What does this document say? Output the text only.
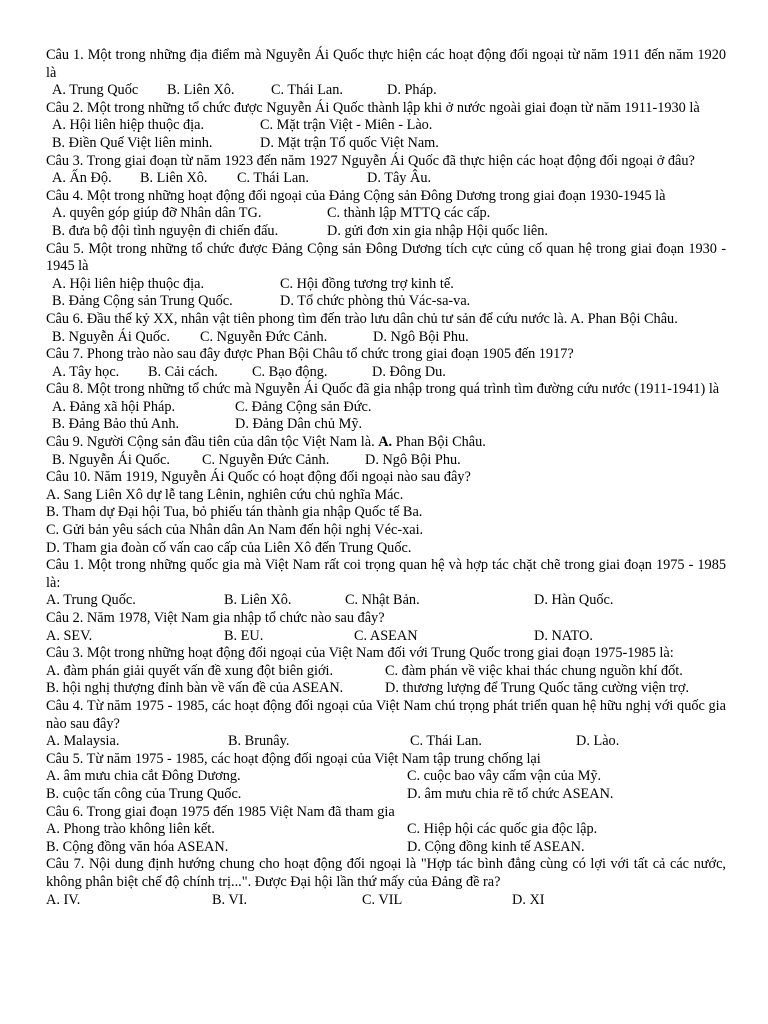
Câu 1. Một trong những địa điểm mà Nguyễn Ái Quốc thực hiện các hoạt động đối ngoại từ năm 1911 đến năm 1920 là

A. Trung Quốc B. Liên Xô.	C. Thái Lan.	D. Pháp.

Câu 2. Một trong những tổ chức được Nguyễn Ái Quốc thành lập khi ở nước ngoài giai đoạn từ năm 1911-1930 là

A. Hội liên hiệp thuộc địa.	C. Mặt trận Việt - Miên - Lào.
B. Điền Quế Việt liên minh.	D. Mặt trận Tổ quốc Việt Nam.

Câu 3. Trong giai đoạn từ năm 1923 đến năm 1927 Nguyễn Ái Quốc đã thực hiện các hoạt động đối ngoại ở đâu?

A. Ấn Độ. B. Liên Xô. C. Thái Lan.	D. Tây Âu.

Câu 4. Một trong những hoạt động đối ngoại của Đảng Cộng sản Đông Dương trong giai đoạn 1930-1945 là

A. quyên góp giúp đỡ Nhân dân TG.	C. thành lập MTTQ các cấp.
B. đưa bộ đội tình nguyện đi chiến đấu.	D. gửi đơn xin gia nhập Hội quốc liên.

Câu 5. Một trong những tổ chức được Đảng Cộng sản Đông Dương tích cực củng cố quan hệ trong giai đoạn 1930 - 1945 là

A. Hội liên hiệp thuộc địa.	C. Hội đồng tương trợ kinh tế.
B. Đảng Cộng sản Trung Quốc.	D. Tổ chức phòng thủ Vác-sa-va.

Câu 6. Đầu thế kỷ XX, nhân vật tiên phong tìm đến trào lưu dân chủ tư sản để cứu nước là. A. Phan Bội Châu.

B. Nguyễn Ái Quốc. C. Nguyễn Đức Cảnh.	D. Ngô Bội Phu.

Câu 7. Phong trào nào sau đây được Phan Bội Châu tổ chức trong giai đoạn 1905 đến 1917?

A. Tây học. B. Cải cách. C. Bạo động.	D. Đông Du.

Câu 8. Một trong những tổ chức mà Nguyễn Ái Quốc đã gia nhập trong quá trình tìm đường cứu nước (1911-1941) là

A. Đảng xã hội Pháp.	C. Đảng Cộng sản Đức.
B. Đảng Bảo thủ Anh.	D. Đảng Dân chủ Mỹ.

Câu 9. Người Cộng sản đầu tiên của dân tộc Việt Nam là. A. Phan Bội Châu.

B. Nguyễn Ái Quốc. C. Nguyễn Đức Cảnh. D. Ngô Bội Phu.

Câu 10. Năm 1919, Nguyễn Ái Quốc có hoạt động đối ngoại nào sau đây?

A. Sang Liên Xô dự lễ tang Lênin, nghiên cứu chủ nghĩa Mác.

B. Tham dự Đại hội Tua, bỏ phiếu tán thành gia nhập Quốc tế Ba.

C. Gửi bản yêu sách của Nhân dân An Nam đến hội nghị Véc-xai.

D. Tham gia đoàn cố vấn cao cấp của Liên Xô đến Trung Quốc.

Câu 1. Một trong những quốc gia mà Việt Nam rất coi trọng quan hệ và hợp tác chặt chẽ trong giai đoạn 1975 - 1985 là:

A. Trung Quốc.	B. Liên Xô.	C. Nhật Bản.	D. Hàn Quốc.

Câu 2. Năm 1978, Việt Nam gia nhập tổ chức nào sau đây?

A. SEV.	B. EU.	C. ASEAN	D. NATO.

Câu 3. Một trong những hoạt động đối ngoại của Việt Nam đối với Trung Quốc trong giai đoạn 1975-1985 là:

A. đàm phán giải quyết vấn đề xung đột biên giới.	C. đàm phán về việc khai thác chung nguồn khí đốt.
B. hội nghị thượng đỉnh bàn về vấn đề của ASEAN.	D. thương lượng để Trung Quốc tăng cường viện trợ.

Câu 4. Từ năm 1975 - 1985, các hoạt động đối ngoại của Việt Nam chú trọng phát triển quan hệ hữu nghị với quốc gia nào sau đây?

A. Malaysia.	B. Brunây.	C. Thái Lan.	D. Lào.

Câu 5. Từ năm 1975 - 1985, các hoạt động đối ngoại của Việt Nam tập trung chống lại

A. âm mưu chia cắt Đông Dương.	C. cuộc bao vây cấm vận của Mỹ.
B. cuộc tấn công của Trung Quốc.	D. âm mưu chia rẽ tổ chức ASEAN.

Câu 6. Trong giai đoạn 1975 đến 1985 Việt Nam đã tham gia

A. Phong trào không liên kết.	C. Hiệp hội các quốc gia độc lập.
B. Cộng đồng văn hóa ASEAN.	D. Cộng đồng kinh tế ASEAN.

Câu 7. Nội dung định hướng chung cho hoạt động đối ngoại là "Hợp tác bình đẳng cùng có lợi với tất cả các nước, không phân biệt chế độ chính trị...". Được Đại hội lần thứ mấy của Đảng đề ra?

A. IV.	B. VI.	C. VIL	D. XI
